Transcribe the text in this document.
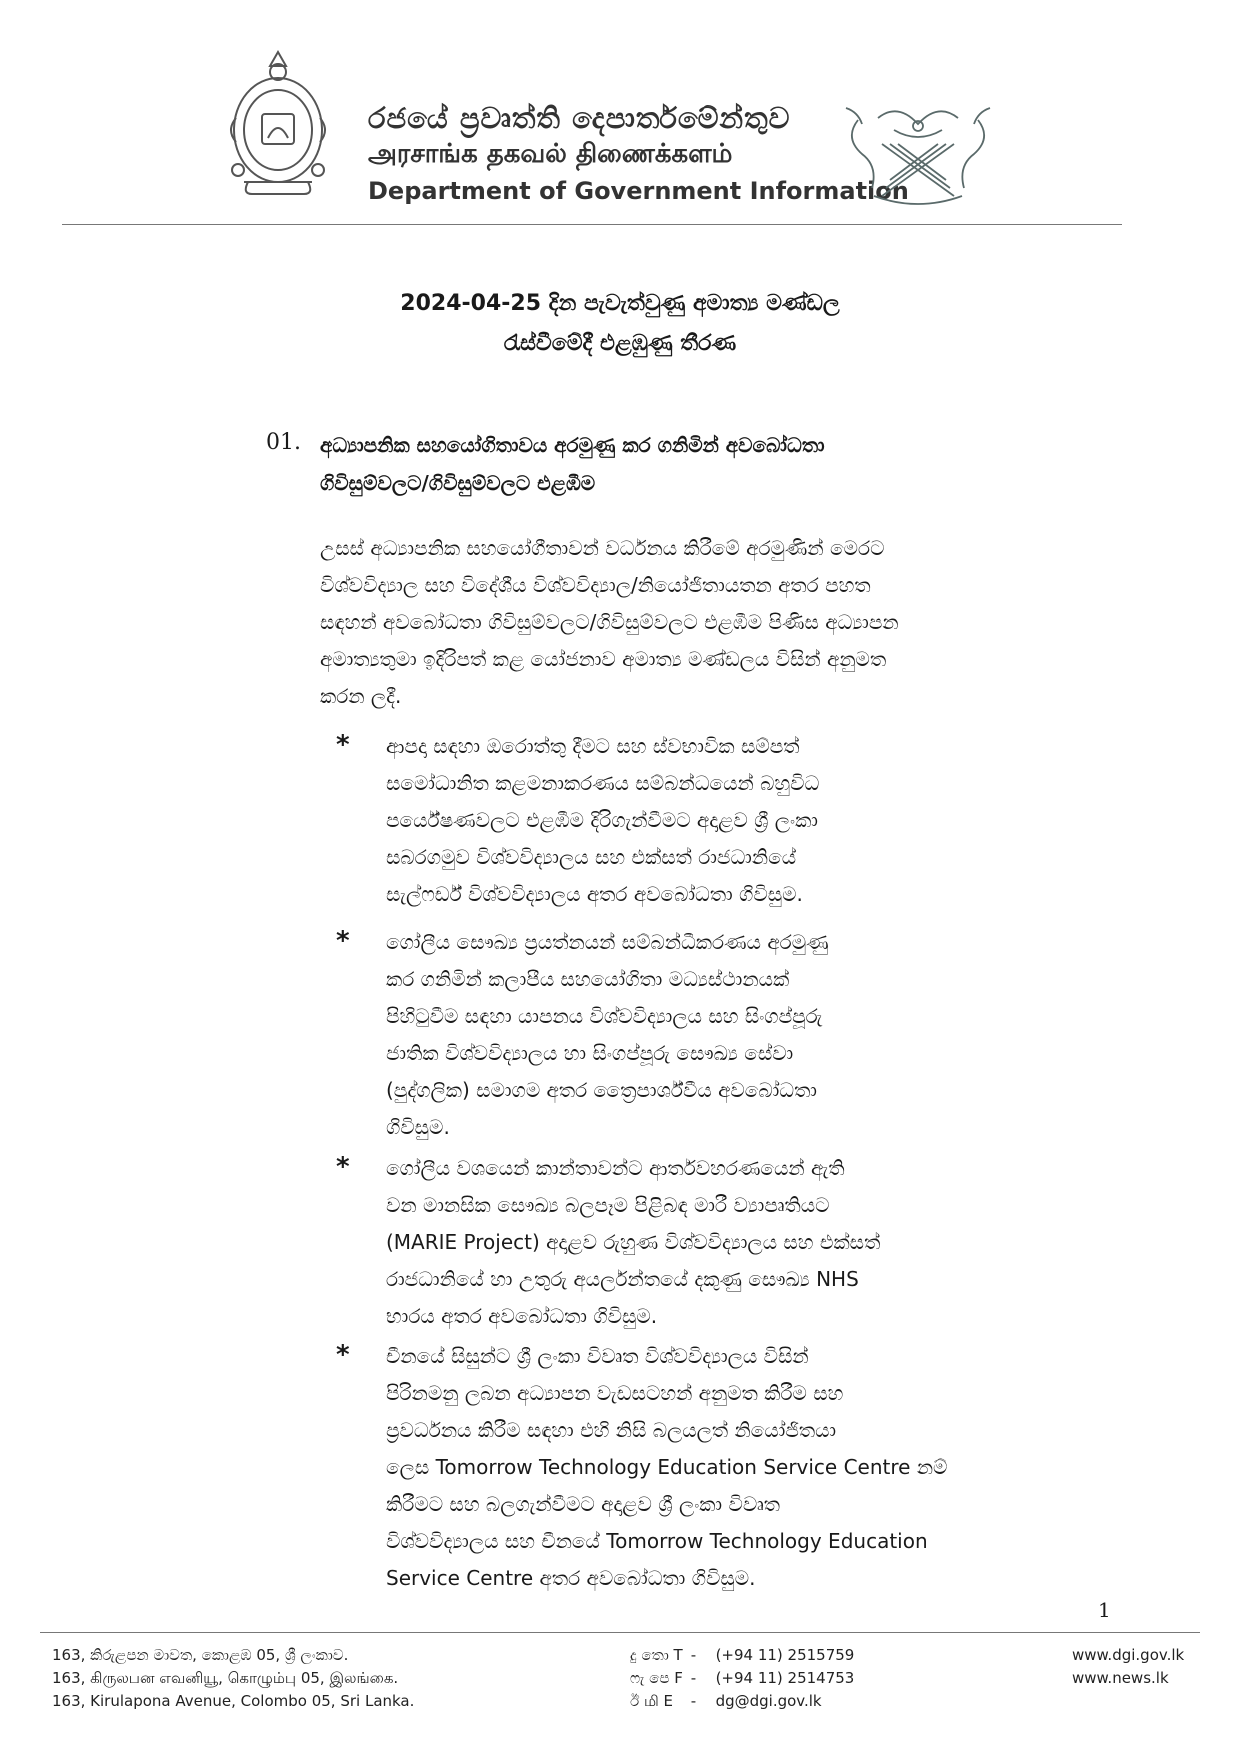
රජයේ ප්‍රවෘත්ති දෙපාර්තමේන්තුව
அரசாங்க தகவல் திணைக்களம்
Department of Government Information
2024-04-25 දින පැවැත්වුණු අමාත්‍ය මණ්ඩල
රැස්වීමේදී එළඹුණු තීරණ
01. අධ්‍යාපනික සහයෝගිතාවය අරමුණු කර ගනිමින් අවබෝධතා
ගිවිසුම්වලට/ගිවිසුම්වලට එළඹීම
උසස් අධ්‍යාපනික සහයෝගීතාවන් වර්ධනය කිරීමේ අරමුණින් මෙරට
විශ්වවිද්‍යාල සහ විදේශීය විශ්වවිද්‍යාල/නියෝජිතායතන අතර පහත
සඳහන් අවබෝධතා ගිවිසුම්වලට/ගිවිසුම්වලට එළඹීම පිණිස අධ්‍යාපන
අමාත්‍යතුමා ඉදිරිපත් කළ යෝජනාව අමාත්‍ය මණ්ඩලය විසින් අනුමත
කරන ලදී.
* ආපදා සඳහා ඔරොත්තු දීමට සහ ස්වභාවික සම්පත්
සමෝධානිත කළමනාකරණය සම්බන්ධයෙන් බහුවිධ
පර්යේෂණවලට එළඹීම දිරිගැන්වීමට අදාළව ශ්‍රී ලංකා
සබරගමුව විශ්වවිද්‍යාලය සහ එක්සත් රාජධානියේ
සැල්ෆර්ඩ් විශ්වවිද්‍යාලය අතර අවබෝධතා ගිවිසුම.
* ගෝලීය සෞඛ්‍ය ප්‍රයත්නයන් සම්බන්ධීකරණය අරමුණු
කර ගනිමින් කලාපීය සහයෝගිතා මධ්‍යස්ථානයක්
පිහිටුවීම සඳහා යාපනය විශ්වවිද්‍යාලය සහ සිංගප්පූරු
ජාතික විශ්වවිද්‍යාලය හා සිංගප්පූරු සෞඛ්‍ය සේවා
(පුද්ගලික) සමාගම අතර ත්‍රෛපාර්ශ්වීය අවබෝධතා
ගිවිසුම.
* ගෝලීය වශයෙන් කාන්තාවන්ට ආර්තවහරණයෙන් ඇති
වන මානසික සෞඛ්‍ය බලපෑම පිළිබඳ මාරී ව්‍යාපෘතියට
(MARIE Project) අදාළව රුහුණ විශ්වවිද්‍යාලය සහ එක්සත්
රාජධානියේ හා උතුරු අයර්ලන්තයේ දකුණු සෞඛ්‍ය NHS
භාරය අතර අවබෝධතා ගිවිසුම.
* චීනයේ සිසුන්ට ශ්‍රී ලංකා විවෘත විශ්වවිද්‍යාලය විසින්
පිරිනමනු ලබන අධ්‍යාපන වැඩසටහන් අනුමත කිරීම සහ
ප්‍රවර්ධනය කිරීම සඳහා එහි නිසි බලයලත් නියෝජිතයා
ලෙස Tomorrow Technology Education Service Centre නම්
කිරීමට සහ බලගැන්වීමට අදාළව ශ්‍රී ලංකා විවෘත
විශ්වවිද්‍යාලය සහ චීනයේ Tomorrow Technology Education
Service Centre අතර අවබෝධතා ගිවිසුම.
1
163, කිරුළපන මාවත, කොළඹ 05, ශ්‍රී ලංකාව.
163, கிருலபன எவனியூ, கொழும்பு 05, இலங்கை.
163, Kirulapona Avenue, Colombo 05, Sri Lanka.
දු තො T - (+94 11) 2515759
ෆැ පෙ F - (+94 11) 2514753
ඊ மி E - dg@dgi.gov.lk
www.dgi.gov.lk
www.news.lk
